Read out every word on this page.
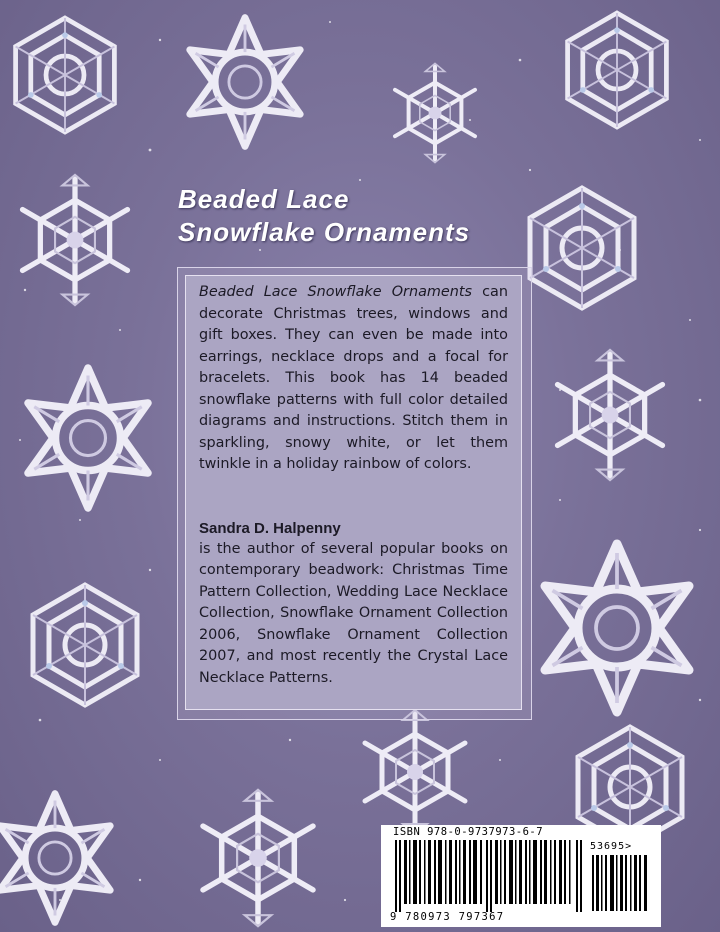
Beaded Lace
Snowflake Ornaments

Beaded Lace Snowflake Ornaments can decorate Christmas trees, windows and gift boxes. They can even be made into earrings, necklace drops and a focal for bracelets. This book has 14 beaded snowflake patterns with full color detailed diagrams and instructions. Stitch them in sparkling, snowy white, or let them twinkle in a holiday rainbow of colors.

Sandra D. Halpenny

is the author of several popular books on contemporary beadwork: Christmas Time Pattern Collection, Wedding Lace Necklace Collection, Snowflake Ornament Collection 2006, Snowflake Ornament Collection 2007, and most recently the Crystal Lace Necklace Patterns.

ISBN 978-0-9737973-6-7
53695>
9 780973 797367
